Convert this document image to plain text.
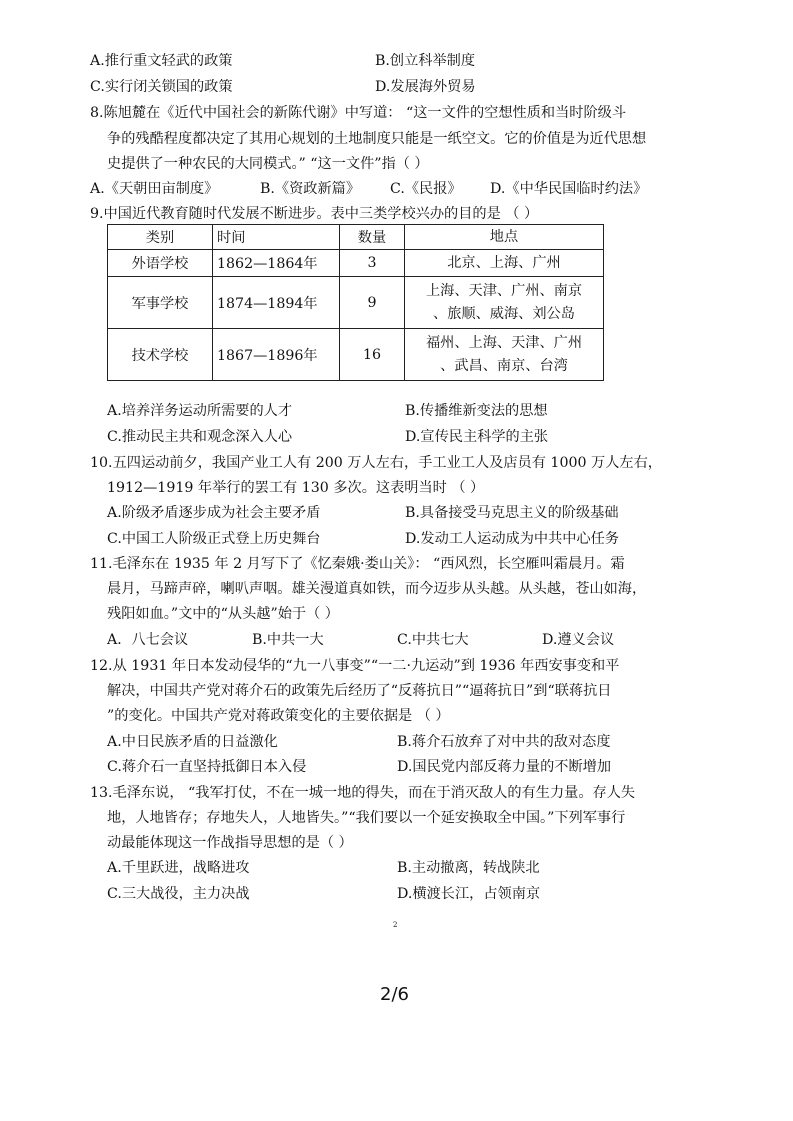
A.推行重文轻武的政策	B.创立科举制度
C.实行闭关锁国的政策	D.发展海外贸易
8.陈旭麓在《近代中国社会的新陈代谢》中写道： “这一文件的空想性质和当时阶级斗
争的残酷程度都决定了其用心规划的土地制度只能是一纸空文。它的价值是为近代思想
史提供了一种农民的大同模式。” “这一文件”指（ ）
A.《天朝田亩制度》	B.《资政新篇》 C.《民报》 D.《中华民国临时约法》
9.中国近代教育随时代发展不断进步。表中三类学校兴办的目的是 （ ）
类别	时间	数量	地点
外语学校	1862—1864年	3	北京、上海、广州

军事学校	1874—1894年	9	上海、天津、广州、南京
、旅顺、威海、刘公岛

技术学校	1867—1896年	16	福州、上海、天津、广州
、武昌、南京、台湾
A.培养洋务运动所需要的人才	B.传播维新变法的思想
C.推动民主共和观念深入人心	D.宣传民主科学的主张
10.五四运动前夕，我国产业工人有 200 万人左右，手工业工人及店员有 1000 万人左右，
1912—1919 年举行的罢工有 130 多次。这表明当时 （ ）
A.阶级矛盾逐步成为社会主要矛盾	B.具备接受马克思主义的阶级基础
C.中国工人阶级正式登上历史舞台	D.发动工人运动成为中共中心任务
11.毛泽东在 1935 年 2 月写下了《忆秦娥·娄山关》： “西风烈，长空雁叫霜晨月。霜
晨月，马蹄声碎，喇叭声咽。雄关漫道真如铁，而今迈步从头越。从头越，苍山如海，
残阳如血。”文中的“从头越”始于（ ）
A．八七会议	B.中共一大	C.中共七大	D.遵义会议
12.从 1931 年日本发动侵华的“九一八事变”“一二·九运动”到 1936 年西安事变和平
解决，中国共产党对蒋介石的政策先后经历了“反蒋抗日”“逼蒋抗日”到“联蒋抗日
”的变化。中国共产党对蒋政策变化的主要依据是 （ ）
A.中日民族矛盾的日益激化	B.蒋介石放弃了对中共的敌对态度
C.蒋介石一直坚持抵御日本入侵	D.国民党内部反蒋力量的不断增加
13.毛泽东说， “我军打仗，不在一城一地的得失，而在于消灭敌人的有生力量。存人失
地，人地皆存；存地失人，人地皆失。”“我们要以一个延安换取全中国。”下列军事行
动最能体现这一作战指导思想的是（ ）
A.千里跃进，战略进攻	B.主动撤离，转战陕北
C.三大战役，主力决战	D.横渡长江，占领南京
2
2/6
